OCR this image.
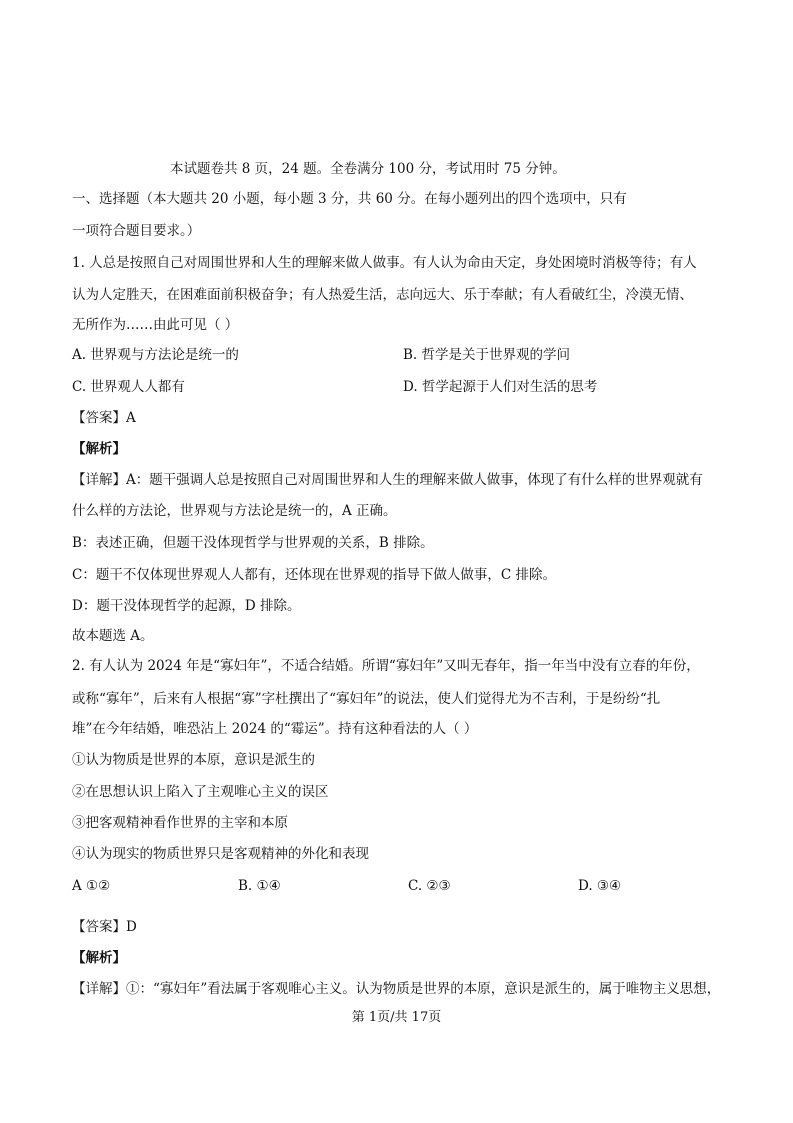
本试题卷共 8 页，24 题。全卷满分 100 分，考试用时 75 分钟。
一、选择题（本大题共 20 小题，每小题 3 分，共 60 分。在每小题列出的四个选项中，只有
一项符合题目要求。）
1. 人总是按照自己对周围世界和人生的理解来做人做事。有人认为命由天定，身处困境时消极等待；有人
认为人定胜天，在困难面前积极奋争；有人热爱生活，志向远大、乐于奉献；有人看破红尘，冷漠无情、
无所作为……由此可见（ ）
A. 世界观与方法论是统一的	B. 哲学是关于世界观的学问
C. 世界观人人都有	D. 哲学起源于人们对生活的思考
【答案】A
【解析】
【详解】A：题干强调人总是按照自己对周围世界和人生的理解来做人做事，体现了有什么样的世界观就有
什么样的方法论，世界观与方法论是统一的，A 正确。
B：表述正确，但题干没体现哲学与世界观的关系，B 排除。
C：题干不仅体现世界观人人都有，还体现在世界观的指导下做人做事，C 排除。
D：题干没体现哲学的起源，D 排除。
故本题选 A。
2. 有人认为 2024 年是“寡妇年”，不适合结婚。所谓“寡妇年”又叫无春年，指一年当中没有立春的年份，
或称“寡年”，后来有人根据“寡”字杜撰出了“寡妇年”的说法，使人们觉得尤为不吉利，于是纷纷“扎
堆”在今年结婚，唯恐沾上 2024 的“霉运”。持有这种看法的人（ ）
①认为物质是世界的本原，意识是派生的
②在思想认识上陷入了主观唯心主义的误区
③把客观精神看作世界的主宰和本原
④认为现实的物质世界只是客观精神的外化和表现
A ①②	B. ①④	C. ②③	D. ③④
【答案】D
【解析】
【详解】①：“寡妇年”看法属于客观唯心主义。认为物质是世界的本原，意识是派生的，属于唯物主义思想，
第 1页/共 17页
